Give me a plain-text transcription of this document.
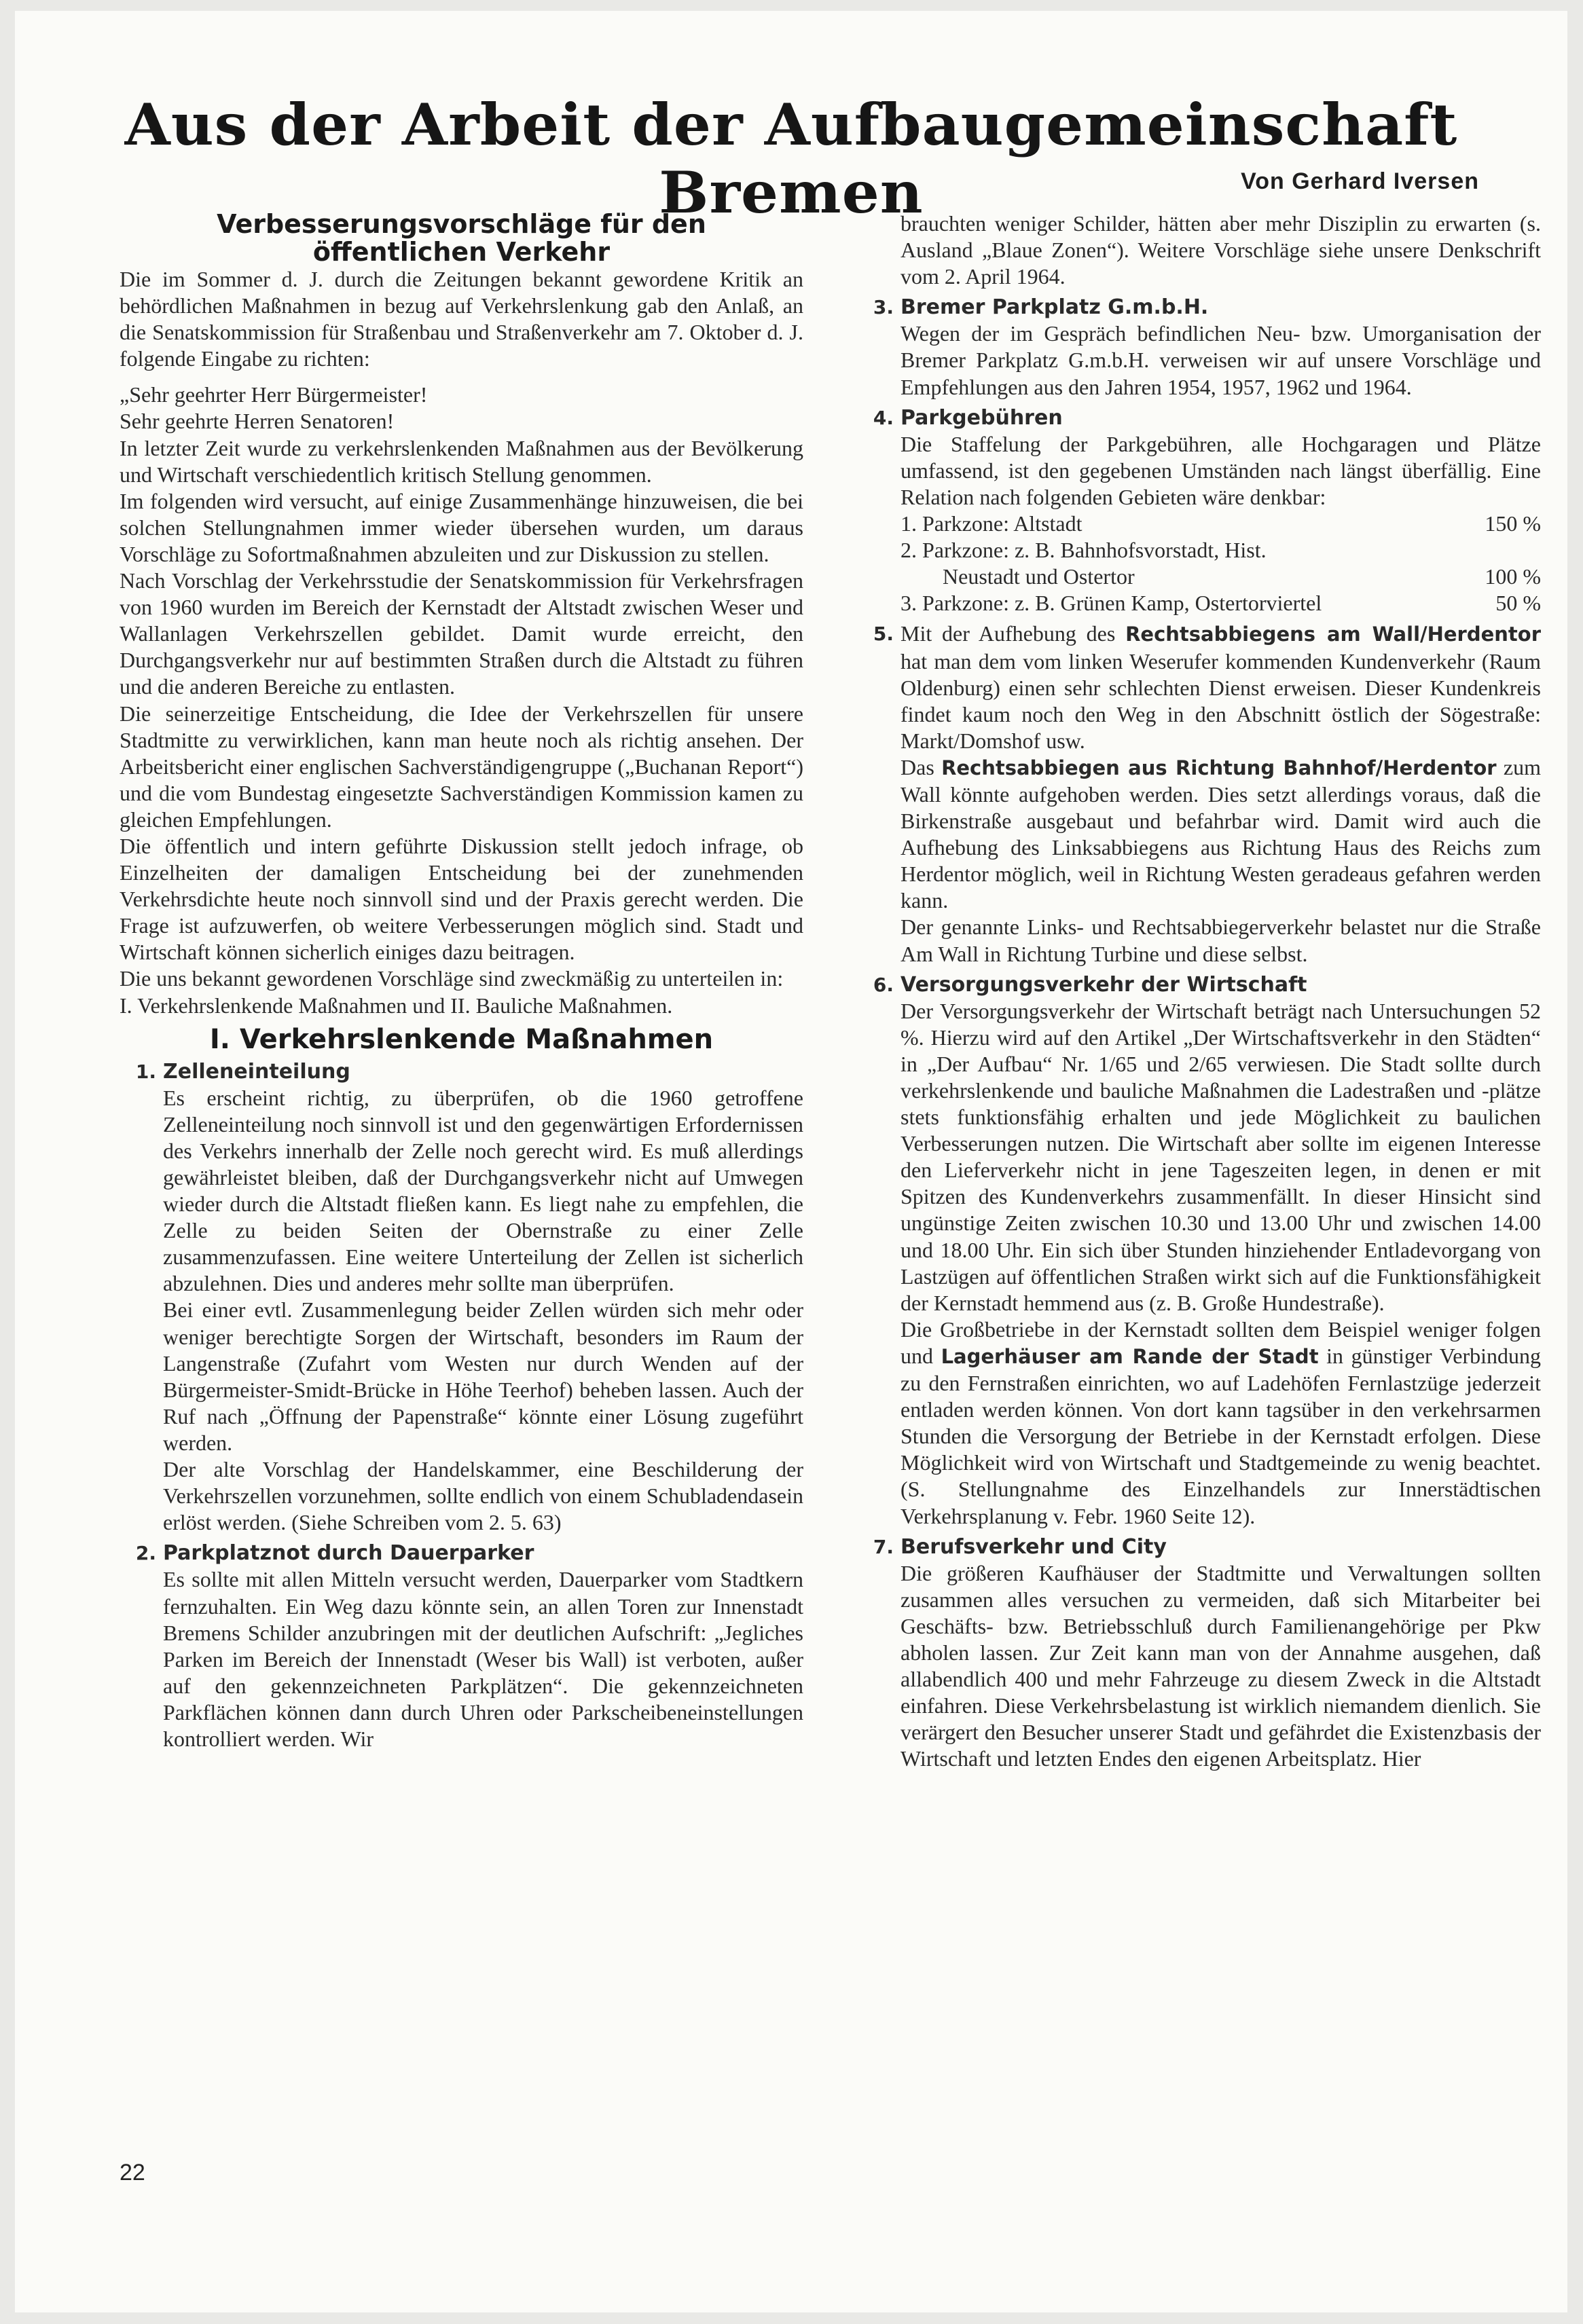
Aus der Arbeit der Aufbaugemeinschaft Bremen	Von Gerhard Iversen

Verbesserungsvorschläge für den öffentlichen Verkehr

Die im Sommer d. J. durch die Zeitungen bekannt gewordene Kritik an behördlichen Maßnahmen in bezug auf Verkehrslenkung gab den Anlaß, an die Senatskommission für Straßenbau und Straßenverkehr am 7. Oktober d. J. folgende Eingabe zu richten:

„Sehr geehrter Herr Bürgermeister!

Sehr geehrte Herren Senatoren!

In letzter Zeit wurde zu verkehrslenkenden Maßnahmen aus der Bevölkerung und Wirtschaft verschiedentlich kritisch Stellung genommen.

Im folgenden wird versucht, auf einige Zusammenhänge hinzuweisen, die bei solchen Stellungnahmen immer wieder übersehen wurden, um daraus Vorschläge zu Sofortmaßnahmen abzuleiten und zur Diskussion zu stellen.

Nach Vorschlag der Verkehrsstudie der Senatskommission für Verkehrsfragen von 1960 wurden im Bereich der Kernstadt der Altstadt zwischen Weser und Wallanlagen Verkehrszellen gebildet. Damit wurde erreicht, den Durchgangsverkehr nur auf bestimmten Straßen durch die Altstadt zu führen und die anderen Bereiche zu entlasten.

Die seinerzeitige Entscheidung, die Idee der Verkehrszellen für unsere Stadtmitte zu verwirklichen, kann man heute noch als richtig ansehen. Der Arbeitsbericht einer englischen Sachverständigengruppe („Buchanan Report“) und die vom Bundestag eingesetzte Sachverständigen Kommission kamen zu gleichen Empfehlungen.

Die öffentlich und intern geführte Diskussion stellt jedoch infrage, ob Einzelheiten der damaligen Entscheidung bei der zunehmenden Verkehrsdichte heute noch sinnvoll sind und der Praxis gerecht werden. Die Frage ist aufzuwerfen, ob weitere Verbesserungen möglich sind. Stadt und Wirtschaft können sicherlich einiges dazu beitragen.

Die uns bekannt gewordenen Vorschläge sind zweckmäßig zu unterteilen in:

I. Verkehrslenkende Maßnahmen und II. Bauliche Maßnahmen.

I. Verkehrslenkende Maßnahmen
1. Zelleneinteilung

Es erscheint richtig, zu überprüfen, ob die 1960 getroffene Zelleneinteilung noch sinnvoll ist und den gegenwärtigen Erfordernissen des Verkehrs innerhalb der Zelle noch gerecht wird. Es muß allerdings gewährleistet bleiben, daß der Durchgangsverkehr nicht auf Umwegen wieder durch die Altstadt fließen kann. Es liegt nahe zu empfehlen, die Zelle zu beiden Seiten der Obernstraße zu einer Zelle zusammenzufassen. Eine weitere Unterteilung der Zellen ist sicherlich abzulehnen. Dies und anderes mehr sollte man überprüfen.

Bei einer evtl. Zusammenlegung beider Zellen würden sich mehr oder weniger berechtigte Sorgen der Wirtschaft, besonders im Raum der Langenstraße (Zufahrt vom Westen nur durch Wenden auf der Bürgermeister-Smidt-Brücke in Höhe Teerhof) beheben lassen. Auch der Ruf nach „Öffnung der Papenstraße“ könnte einer Lösung zugeführt werden.

Der alte Vorschlag der Handelskammer, eine Beschilderung der Verkehrszellen vorzunehmen, sollte endlich von einem Schubladendasein erlöst werden. (Siehe Schreiben vom 2. 5. 63)

2. Parkplatznot durch Dauerparker

Es sollte mit allen Mitteln versucht werden, Dauerparker vom Stadtkern fernzuhalten. Ein Weg dazu könnte sein, an allen Toren zur Innenstadt Bremens Schilder anzubringen mit der deutlichen Aufschrift: „Jegliches Parken im Bereich der Innenstadt (Weser bis Wall) ist verboten, außer auf den gekennzeichneten Parkplätzen“. Die gekennzeichneten Parkflächen können dann durch Uhren oder Parkscheibeneinstellungen kontrolliert werden. Wir

brauchten weniger Schilder, hätten aber mehr Disziplin zu erwarten (s. Ausland „Blaue Zonen“). Weitere Vorschläge siehe unsere Denkschrift vom 2. April 1964.

3. Bremer Parkplatz G.m.b.H.

Wegen der im Gespräch befindlichen Neu- bzw. Umorganisation der Bremer Parkplatz G.m.b.H. verweisen wir auf unsere Vorschläge und Empfehlungen aus den Jahren 1954, 1957, 1962 und 1964.

4. Parkgebühren

Die Staffelung der Parkgebühren, alle Hochgaragen und Plätze umfassend, ist den gegebenen Umständen nach längst überfällig. Eine Relation nach folgenden Gebieten wäre denkbar:

1. Parkzone: Altstadt	150 %
2. Parkzone: z. B. Bahnhofsvorstadt, Hist.
Neustadt und Ostertor	100 %
3. Parkzone: z. B. Grünen Kamp, Ostertorviertel	50 %
5. Mit der Aufhebung des Rechtsabbiegens am Wall/Herdentor hat man dem vom linken Weserufer kommenden Kundenverkehr (Raum Oldenburg) einen sehr schlechten Dienst erweisen. Dieser Kundenkreis findet kaum noch den Weg in den Abschnitt östlich der Sögestraße: Markt/Domshof usw.

Das Rechtsabbiegen aus Richtung Bahnhof/Herdentor zum Wall könnte aufgehoben werden. Dies setzt allerdings voraus, daß die Birkenstraße ausgebaut und befahrbar wird. Damit wird auch die Aufhebung des Linksabbiegens aus Richtung Haus des Reichs zum Herdentor möglich, weil in Richtung Westen geradeaus gefahren werden kann.

Der genannte Links- und Rechtsabbiegerverkehr belastet nur die Straße Am Wall in Richtung Turbine und diese selbst.

6. Versorgungsverkehr der Wirtschaft

Der Versorgungsverkehr der Wirtschaft beträgt nach Untersuchungen 52 %. Hierzu wird auf den Artikel „Der Wirtschaftsverkehr in den Städten“ in „Der Aufbau“ Nr. 1/65 und 2/65 verwiesen. Die Stadt sollte durch verkehrslenkende und bauliche Maßnahmen die Ladestraßen und -plätze stets funktionsfähig erhalten und jede Möglichkeit zu baulichen Verbesserungen nutzen. Die Wirtschaft aber sollte im eigenen Interesse den Lieferverkehr nicht in jene Tageszeiten legen, in denen er mit Spitzen des Kundenverkehrs zusammenfällt. In dieser Hinsicht sind ungünstige Zeiten zwischen 10.30 und 13.00 Uhr und zwischen 14.00 und 18.00 Uhr. Ein sich über Stunden hinziehender Entladevorgang von Lastzügen auf öffentlichen Straßen wirkt sich auf die Funktionsfähigkeit der Kernstadt hemmend aus (z. B. Große Hundestraße).

Die Großbetriebe in der Kernstadt sollten dem Beispiel weniger folgen und Lagerhäuser am Rande der Stadt in günstiger Verbindung zu den Fernstraßen einrichten, wo auf Ladehöfen Fernlastzüge jederzeit entladen werden können. Von dort kann tagsüber in den verkehrsarmen Stunden die Versorgung der Betriebe in der Kernstadt erfolgen. Diese Möglichkeit wird von Wirtschaft und Stadtgemeinde zu wenig beachtet. (S. Stellungnahme des Einzelhandels zur Innerstädtischen Verkehrsplanung v. Febr. 1960 Seite 12).

7. Berufsverkehr und City

Die größeren Kaufhäuser der Stadtmitte und Verwaltungen sollten zusammen alles versuchen zu vermeiden, daß sich Mitarbeiter bei Geschäfts- bzw. Betriebsschluß durch Familienangehörige per Pkw abholen lassen. Zur Zeit kann man von der Annahme ausgehen, daß allabendlich 400 und mehr Fahrzeuge zu diesem Zweck in die Altstadt einfahren. Diese Verkehrsbelastung ist wirklich niemandem dienlich. Sie verärgert den Besucher unserer Stadt und gefährdet die Existenzbasis der Wirtschaft und letzten Endes den eigenen Arbeitsplatz. Hier

22
